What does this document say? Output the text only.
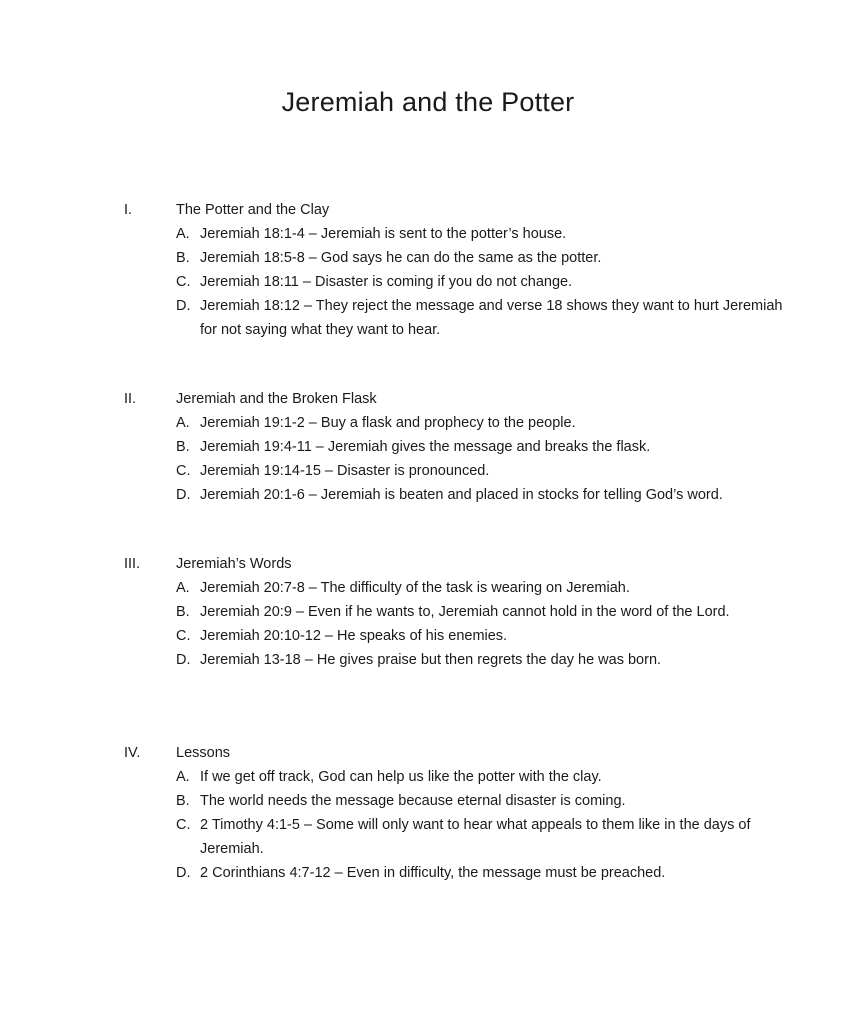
Jeremiah and the Potter
I.	The Potter and the Clay
A. Jeremiah 18:1-4 – Jeremiah is sent to the potter’s house.
B. Jeremiah 18:5-8 – God says he can do the same as the potter.
C. Jeremiah 18:11 – Disaster is coming if you do not change.
D. Jeremiah 18:12 – They reject the message and verse 18 shows they want to hurt Jeremiah for not saying what they want to hear.
II.	Jeremiah and the Broken Flask
A. Jeremiah 19:1-2 – Buy a flask and prophecy to the people.
B. Jeremiah 19:4-11 – Jeremiah gives the message and breaks the flask.
C. Jeremiah 19:14-15 – Disaster is pronounced.
D. Jeremiah 20:1-6 – Jeremiah is beaten and placed in stocks for telling God’s word.
III. Jeremiah’s Words
A. Jeremiah 20:7-8 – The difficulty of the task is wearing on Jeremiah.
B. Jeremiah 20:9 – Even if he wants to, Jeremiah cannot hold in the word of the Lord.
C. Jeremiah 20:10-12 – He speaks of his enemies.
D. Jeremiah 13-18 – He gives praise but then regrets the day he was born.
IV. Lessons
A. If we get off track, God can help us like the potter with the clay.
B. The world needs the message because eternal disaster is coming.
C. 2 Timothy 4:1-5 – Some will only want to hear what appeals to them like in the days of Jeremiah.
D. 2 Corinthians 4:7-12 – Even in difficulty, the message must be preached.
